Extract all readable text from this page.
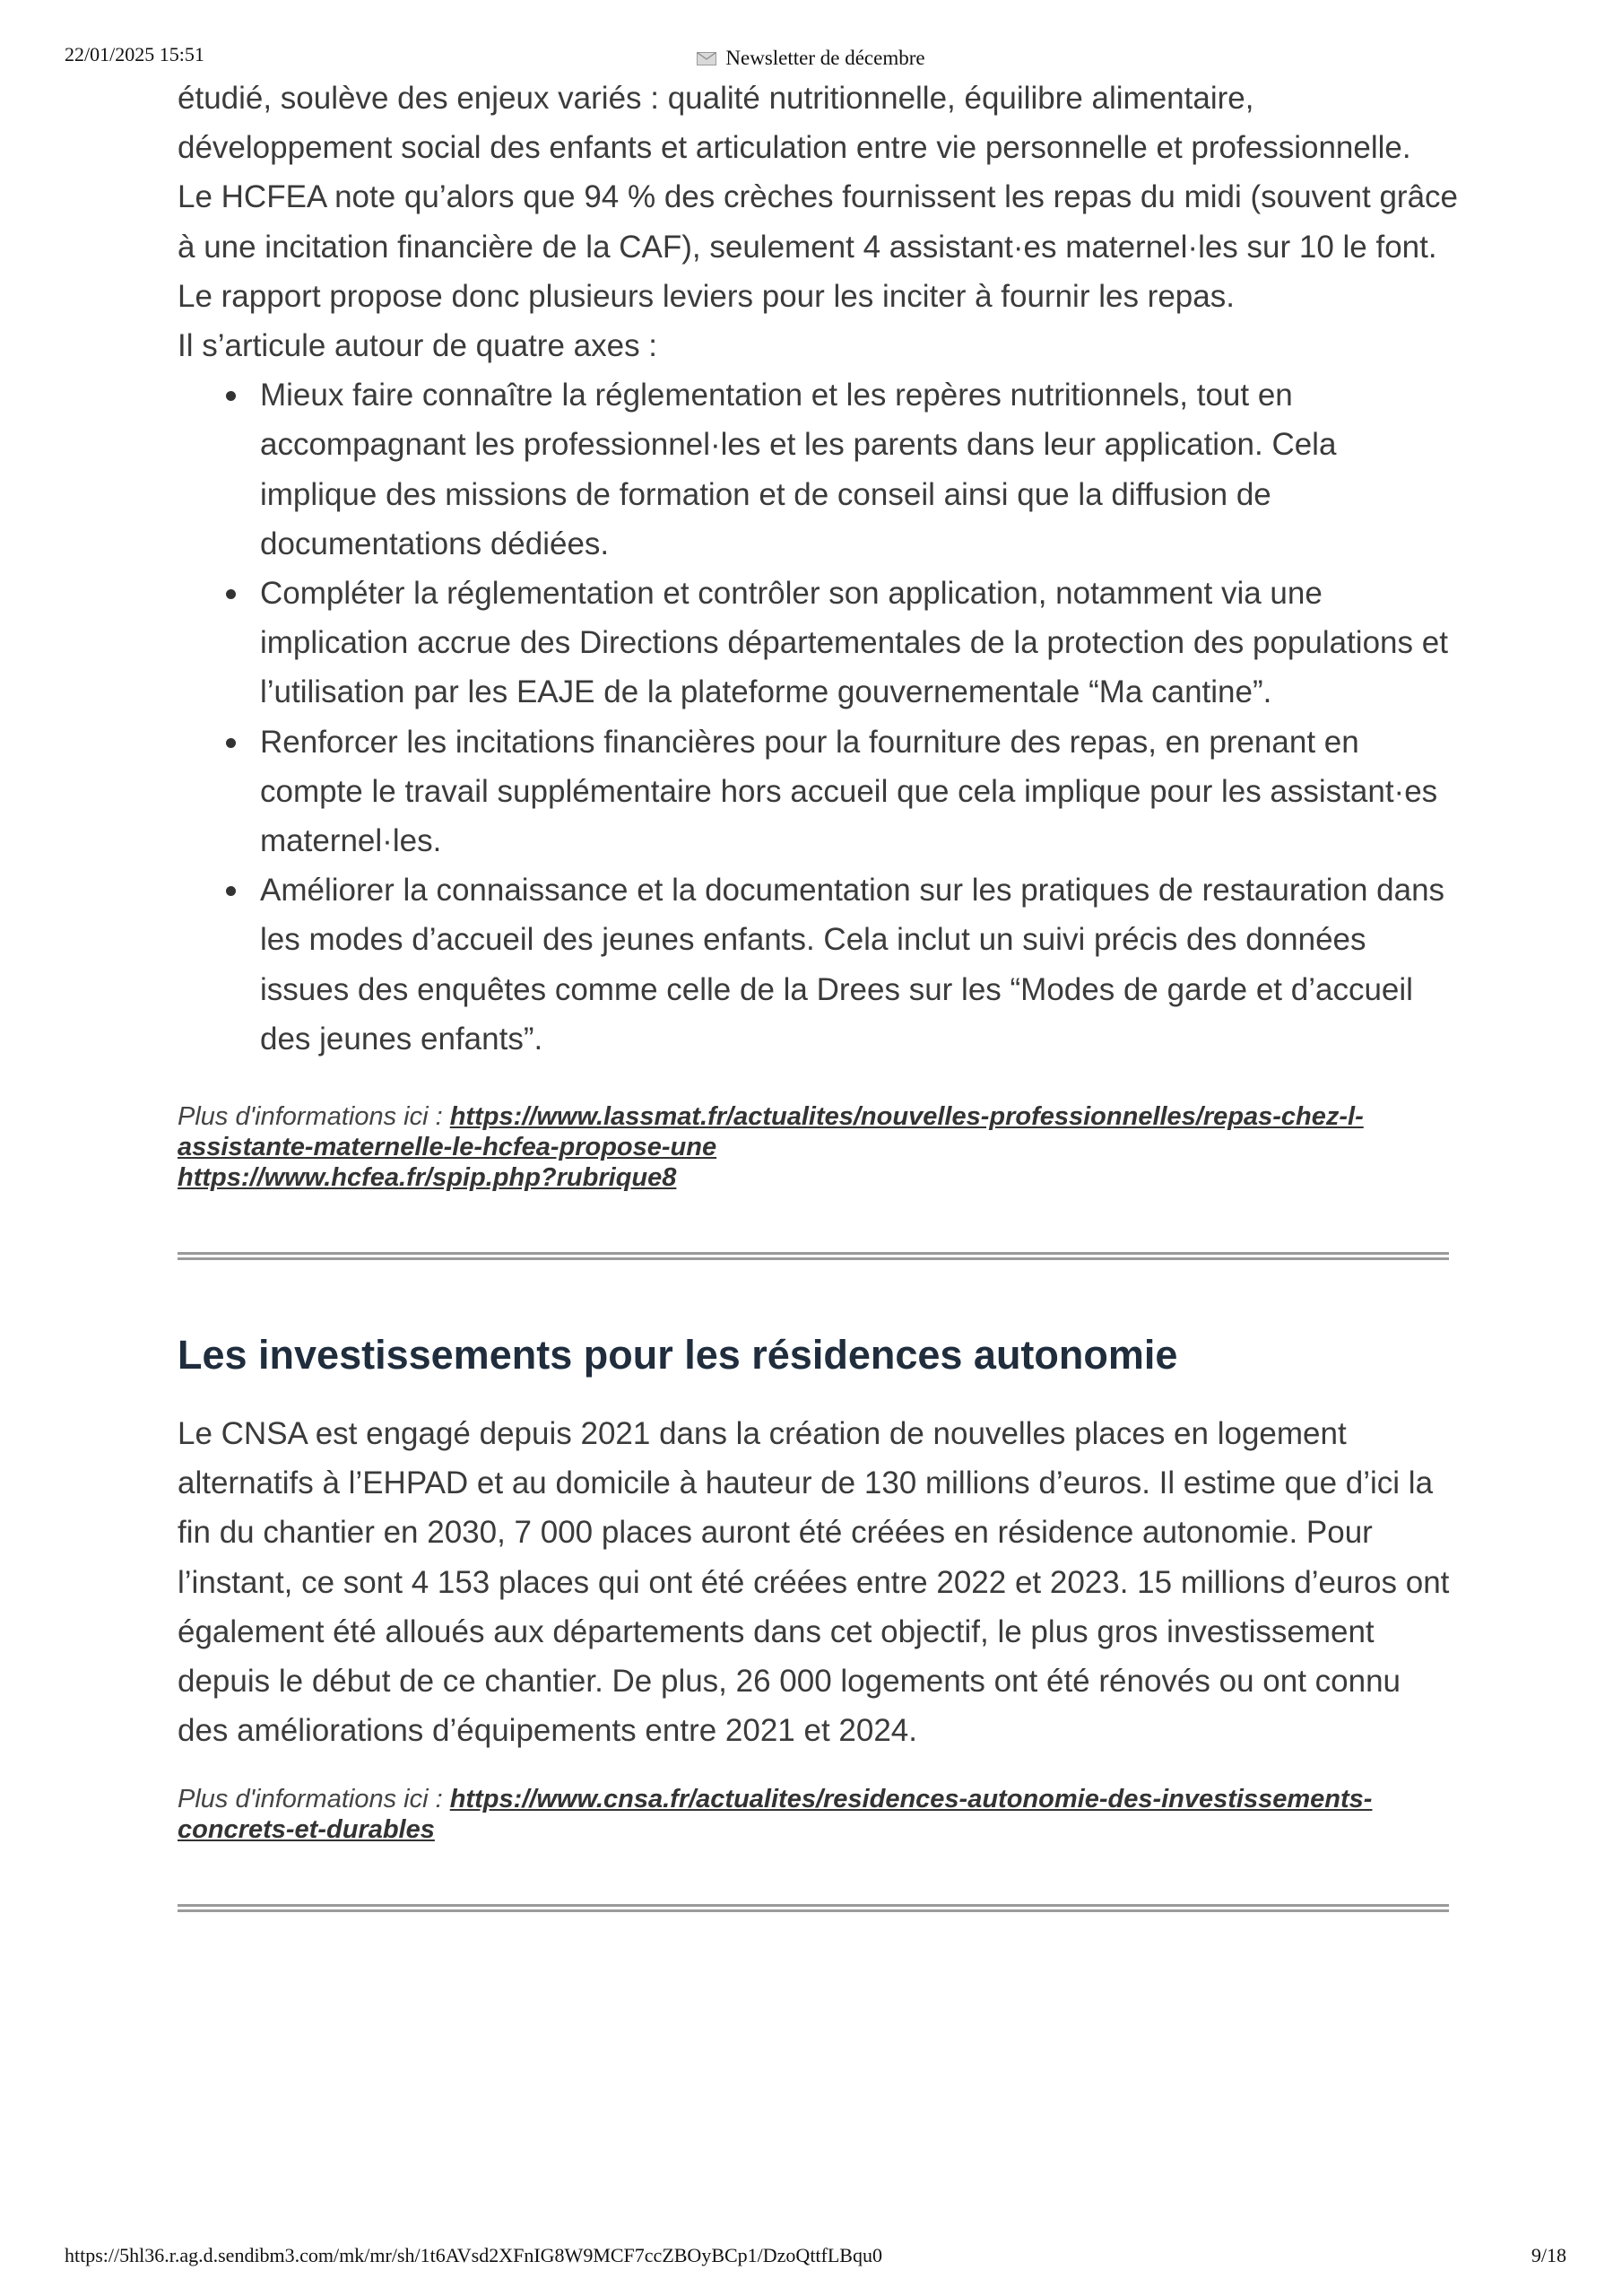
22/01/2025 15:51	Newsletter de décembre

étudié, soulève des enjeux variés : qualité nutritionnelle, équilibre alimentaire, développement social des enfants et articulation entre vie personnelle et professionnelle.

Le HCFEA note qu’alors que 94 % des crèches fournissent les repas du midi (souvent grâce à une incitation financière de la CAF), seulement 4 assistant·es maternel·les sur 10 le font. Le rapport propose donc plusieurs leviers pour les inciter à fournir les repas.

Il s’articule autour de quatre axes :

Mieux faire connaître la réglementation et les repères nutritionnels, tout en accompagnant les professionnel·les et les parents dans leur application. Cela implique des missions de formation et de conseil ainsi que la diffusion de documentations dédiées.
Compléter la réglementation et contrôler son application, notamment via une implication accrue des Directions départementales de la protection des populations et l’utilisation par les EAJE de la plateforme gouvernementale “Ma cantine”.
Renforcer les incitations financières pour la fourniture des repas, en prenant en compte le travail supplémentaire hors accueil que cela implique pour les assistant·es maternel·les.
Améliorer la connaissance et la documentation sur les pratiques de restauration dans les modes d’accueil des jeunes enfants. Cela inclut un suivi précis des données issues des enquêtes comme celle de la Drees sur les “Modes de garde et d’accueil des jeunes enfants”.

Plus d'informations ici : https://www.lassmat.fr/actualites/nouvelles-professionnelles/repas-chez-l-assistante-maternelle-le-hcfea-propose-une
https://www.hcfea.fr/spip.php?rubrique8

Les investissements pour les résidences autonomie

Le CNSA est engagé depuis 2021 dans la création de nouvelles places en logement alternatifs à l’EHPAD et au domicile à hauteur de 130 millions d’euros. Il estime que d’ici la fin du chantier en 2030, 7 000 places auront été créées en résidence autonomie. Pour l’instant, ce sont 4 153 places qui ont été créées entre 2022 et 2023. 15 millions d’euros ont également été alloués aux départements dans cet objectif, le plus gros investissement depuis le début de ce chantier. De plus, 26 000 logements ont été rénovés ou ont connu des améliorations d’équipements entre 2021 et 2024.

Plus d'informations ici : https://www.cnsa.fr/actualites/residences-autonomie-des-investissements-concrets-et-durables

https://5hl36.r.ag.d.sendibm3.com/mk/mr/sh/1t6AVsd2XFnIG8W9MCF7ccZBOyBCp1/DzoQttfLBqu0	9/18
